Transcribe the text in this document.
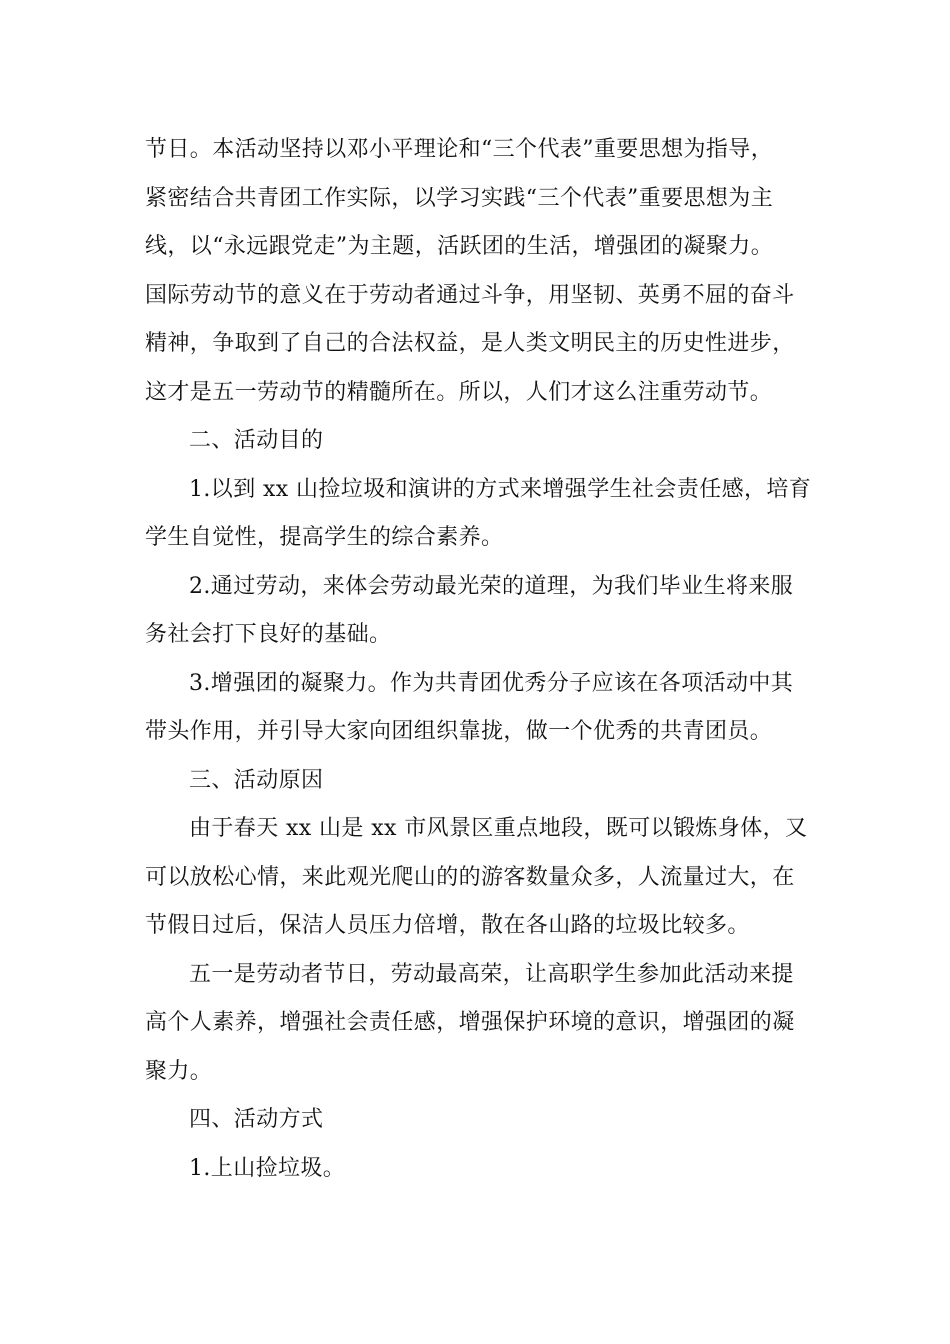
节日。本活动坚持以邓小平理论和“三个代表”重要思想为指导，
紧密结合共青团工作实际，以学习实践“三个代表”重要思想为主
线，以“永远跟党走”为主题，活跃团的生活，增强团的凝聚力。
国际劳动节的意义在于劳动者通过斗争，用坚韧、英勇不屈的奋斗
精神，争取到了自己的合法权益，是人类文明民主的历史性进步，
这才是五一劳动节的精髓所在。所以，人们才这么注重劳动节。

二、活动目的

1.以到 xx 山捡垃圾和演讲的方式来增强学生社会责任感，培育
学生自觉性，提高学生的综合素养。

2.通过劳动，来体会劳动最光荣的道理，为我们毕业生将来服
务社会打下良好的基础。

3.增强团的凝聚力。作为共青团优秀分子应该在各项活动中其
带头作用，并引导大家向团组织靠拢，做一个优秀的共青团员。

三、活动原因

由于春天 xx 山是 xx 市风景区重点地段，既可以锻炼身体，又
可以放松心情，来此观光爬山的的游客数量众多，人流量过大，在
节假日过后，保洁人员压力倍增，散在各山路的垃圾比较多。

五一是劳动者节日，劳动最高荣，让高职学生参加此活动来提
高个人素养，增强社会责任感，增强保护环境的意识，增强团的凝
聚力。

四、活动方式

1.上山捡垃圾。
